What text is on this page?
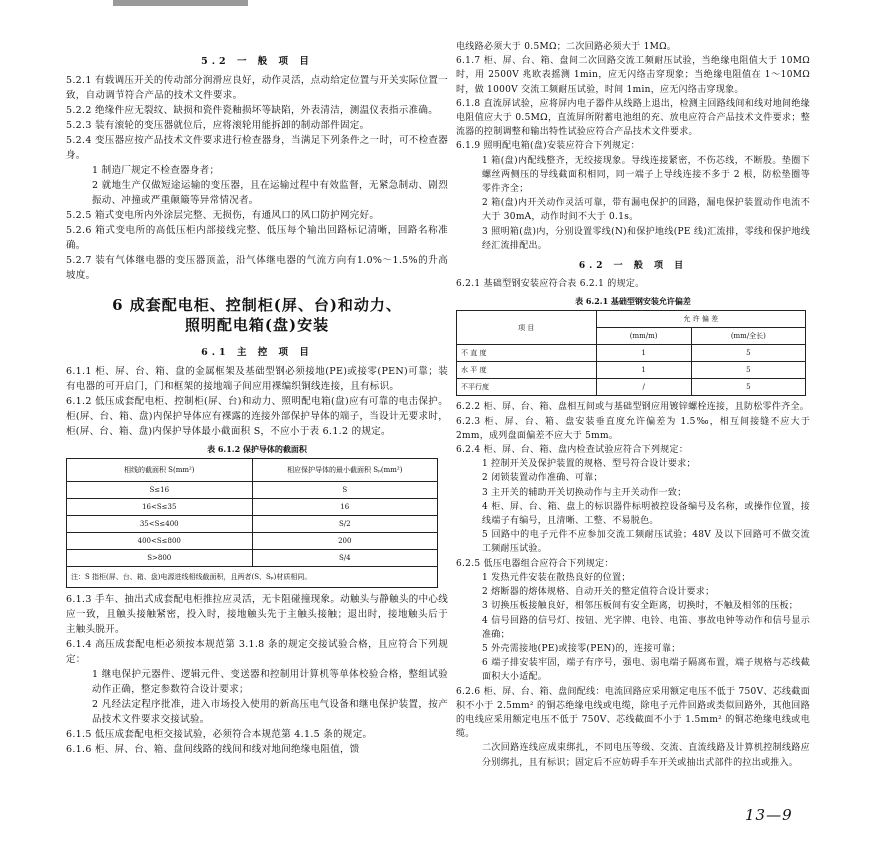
5.2 一 般 项 目

5.2.1 有载调压开关的传动部分润滑应良好，动作灵活，点动给定位置与开关实际位置一致，自动调节符合产品的技术文件要求。

5.2.2 绝缘件应无裂纹、缺损和瓷件瓷釉损坏等缺陷，外表清洁，测温仪表指示准确。

5.2.3 装有滚轮的变压器就位后，应将滚轮用能拆卸的制动部件固定。

5.2.4 变压器应按产品技术文件要求进行检查器身，当满足下列条件之一时，可不检查器身。

1 制造厂规定不检查器身者；

2 就地生产仅做短途运输的变压器，且在运输过程中有效监督，无紧急制动、剧烈振动、冲撞或严重颠簸等异常情况者。

5.2.5 箱式变电所内外涂层完整、无损伤，有通风口的风口防护网完好。

5.2.6 箱式变电所的高低压柜内部接线完整、低压每个输出回路标记清晰，回路名称准确。

5.2.7 装有气体继电器的变压器顶盖，沿气体继电器的气流方向有1.0%～1.5%的升高坡度。

6 成套配电柜、控制柜(屏、台)和动力、

照明配电箱(盘)安装

6.1 主 控 项 目

6.1.1 柜、屏、台、箱、盘的金属框架及基础型钢必须接地(PE)或接零(PEN)可靠；装有电器的可开启门，门和框架的接地端子间应用裸编织铜线连接，且有标识。

6.1.2 低压成套配电柜、控制柜(屏、台)和动力、照明配电箱(盘)应有可靠的电击保护。柜(屏、台、箱、盘)内保护导体应有裸露的连接外部保护导体的端子，当设计无要求时，柜(屏、台、箱、盘)内保护导体最小截面积 S，不应小于表 6.1.2 的规定。

表 6.1.2 保护导体的截面积

相线的截面积 S(mm²)	相应保护导体的最小截面积 Sₚ(mm²)
S≤16	S
16<S≤35	16
35<S≤400	S/2
400<S≤800	200
S>800	S/4
注：S 指柜(屏、台、箱、盘)电源进线相线截面积，且两者(S、Sₚ)材质相同。	

6.1.3 手车、抽出式成套配电柜推拉应灵活，无卡阻碰撞现象。动触头与静触头的中心线应一致，且触头接触紧密，投入时，接地触头先于主触头接触；退出时，接地触头后于主触头脱开。

6.1.4 高压成套配电柜必须按本规范第 3.1.8 条的规定交接试验合格，且应符合下列规定：

1 继电保护元器件、逻辑元件、变送器和控制用计算机等单体校验合格，整组试验动作正确，整定参数符合设计要求；

2 凡经法定程序批准，进入市场投入使用的新高压电气设备和继电保护装置，按产品技术文件要求交接试验。

6.1.5 低压成套配电柜交接试验，必须符合本规范第 4.1.5 条的规定。

6.1.6 柜、屏、台、箱、盘间线路的线间和线对地间绝缘电阻值，馈

电线路必须大于 0.5MΩ；二次回路必须大于 1MΩ。

6.1.7 柜、屏、台、箱、盘间二次回路交流工频耐压试验，当绝缘电阻值大于 10MΩ 时，用 2500V 兆欧表摇测 1min，应无闪络击穿现象；当绝缘电阻值在 1～10MΩ 时，做 1000V 交流工频耐压试验，时间 1min，应无闪络击穿现象。

6.1.8 直流屏试验，应将屏内电子器件从线路上退出，检测主回路线间和线对地间绝缘电阻值应大于 0.5MΩ，直流屏所附蓄电池组的充、放电应符合产品技术文件要求；整流器的控制调整和输出特性试验应符合产品技术文件要求。

6.1.9 照明配电箱(盘)安装应符合下列规定：

1 箱(盘)内配线整齐，无绞接现象。导线连接紧密，不伤芯线，不断股。垫圈下螺丝两侧压的导线截面积相同，同一端子上导线连接不多于 2 根，防松垫圈等零件齐全；

2 箱(盘)内开关动作灵活可靠，带有漏电保护的回路，漏电保护装置动作电流不大于 30mA，动作时间不大于 0.1s。

3 照明箱(盘)内，分别设置零线(N)和保护地线(PE 线)汇流排，零线和保护地线经汇流排配出。

6.2 一 般 项 目

6.2.1 基础型钢安装应符合表 6.2.1 的规定。

表 6.2.1 基础型钢安装允许偏差

项 目	允 许 偏 差	
	(mm/m)	(mm/全长)
不 直 度	1	5
水 平 度	1	5
不平行度	/	5

6.2.2 柜、屏、台、箱、盘相互间或与基础型钢应用镀锌螺栓连接，且防松零件齐全。

6.2.3 柜、屏、台、箱、盘安装垂直度允许偏差为 1.5‰，相互间接缝不应大于 2mm，成列盘面偏差不应大于 5mm。

6.2.4 柜、屏、台、箱、盘内检查试验应符合下列规定：

1 控制开关及保护装置的规格、型号符合设计要求；

2 闭锁装置动作准确、可靠；

3 主开关的辅助开关切换动作与主开关动作一致；

4 柜、屏、台、箱、盘上的标识器件标明被控设备编号及名称，或操作位置，接线端子有编号，且清晰、工整、不易脱色。

5 回路中的电子元件不应参加交流工频耐压试验；48V 及以下回路可不做交流工频耐压试验。

6.2.5 低压电器组合应符合下列规定：

1 发热元件安装在散热良好的位置；

2 熔断器的熔体规格、自动开关的整定值符合设计要求；

3 切换压板接触良好，相邻压板间有安全距离，切换时，不触及相邻的压板；

4 信号回路的信号灯、按钮、光字牌、电铃、电笛、事故电钟等动作和信号显示准确；

5 外壳需接地(PE)或接零(PEN)的，连接可靠；

6 端子排安装牢固，端子有序号，强电、弱电端子隔离布置，端子规格与芯线截面积大小适配。

6.2.6 柜、屏、台、箱、盘间配线：电流回路应采用额定电压不低于 750V、芯线截面积不小于 2.5mm² 的铜芯绝缘电线或电缆，除电子元件回路或类似回路外，其他回路的电线应采用额定电压不低于 750V、芯线截面不小于 1.5mm² 的铜芯绝缘电线或电缆。

二次回路连线应成束绑扎，不同电压等级、交流、直流线路及计算机控制线路应分别绑扎，且有标识；固定后不应妨碍手车开关或抽出式部件的拉出或推入。

13—9
